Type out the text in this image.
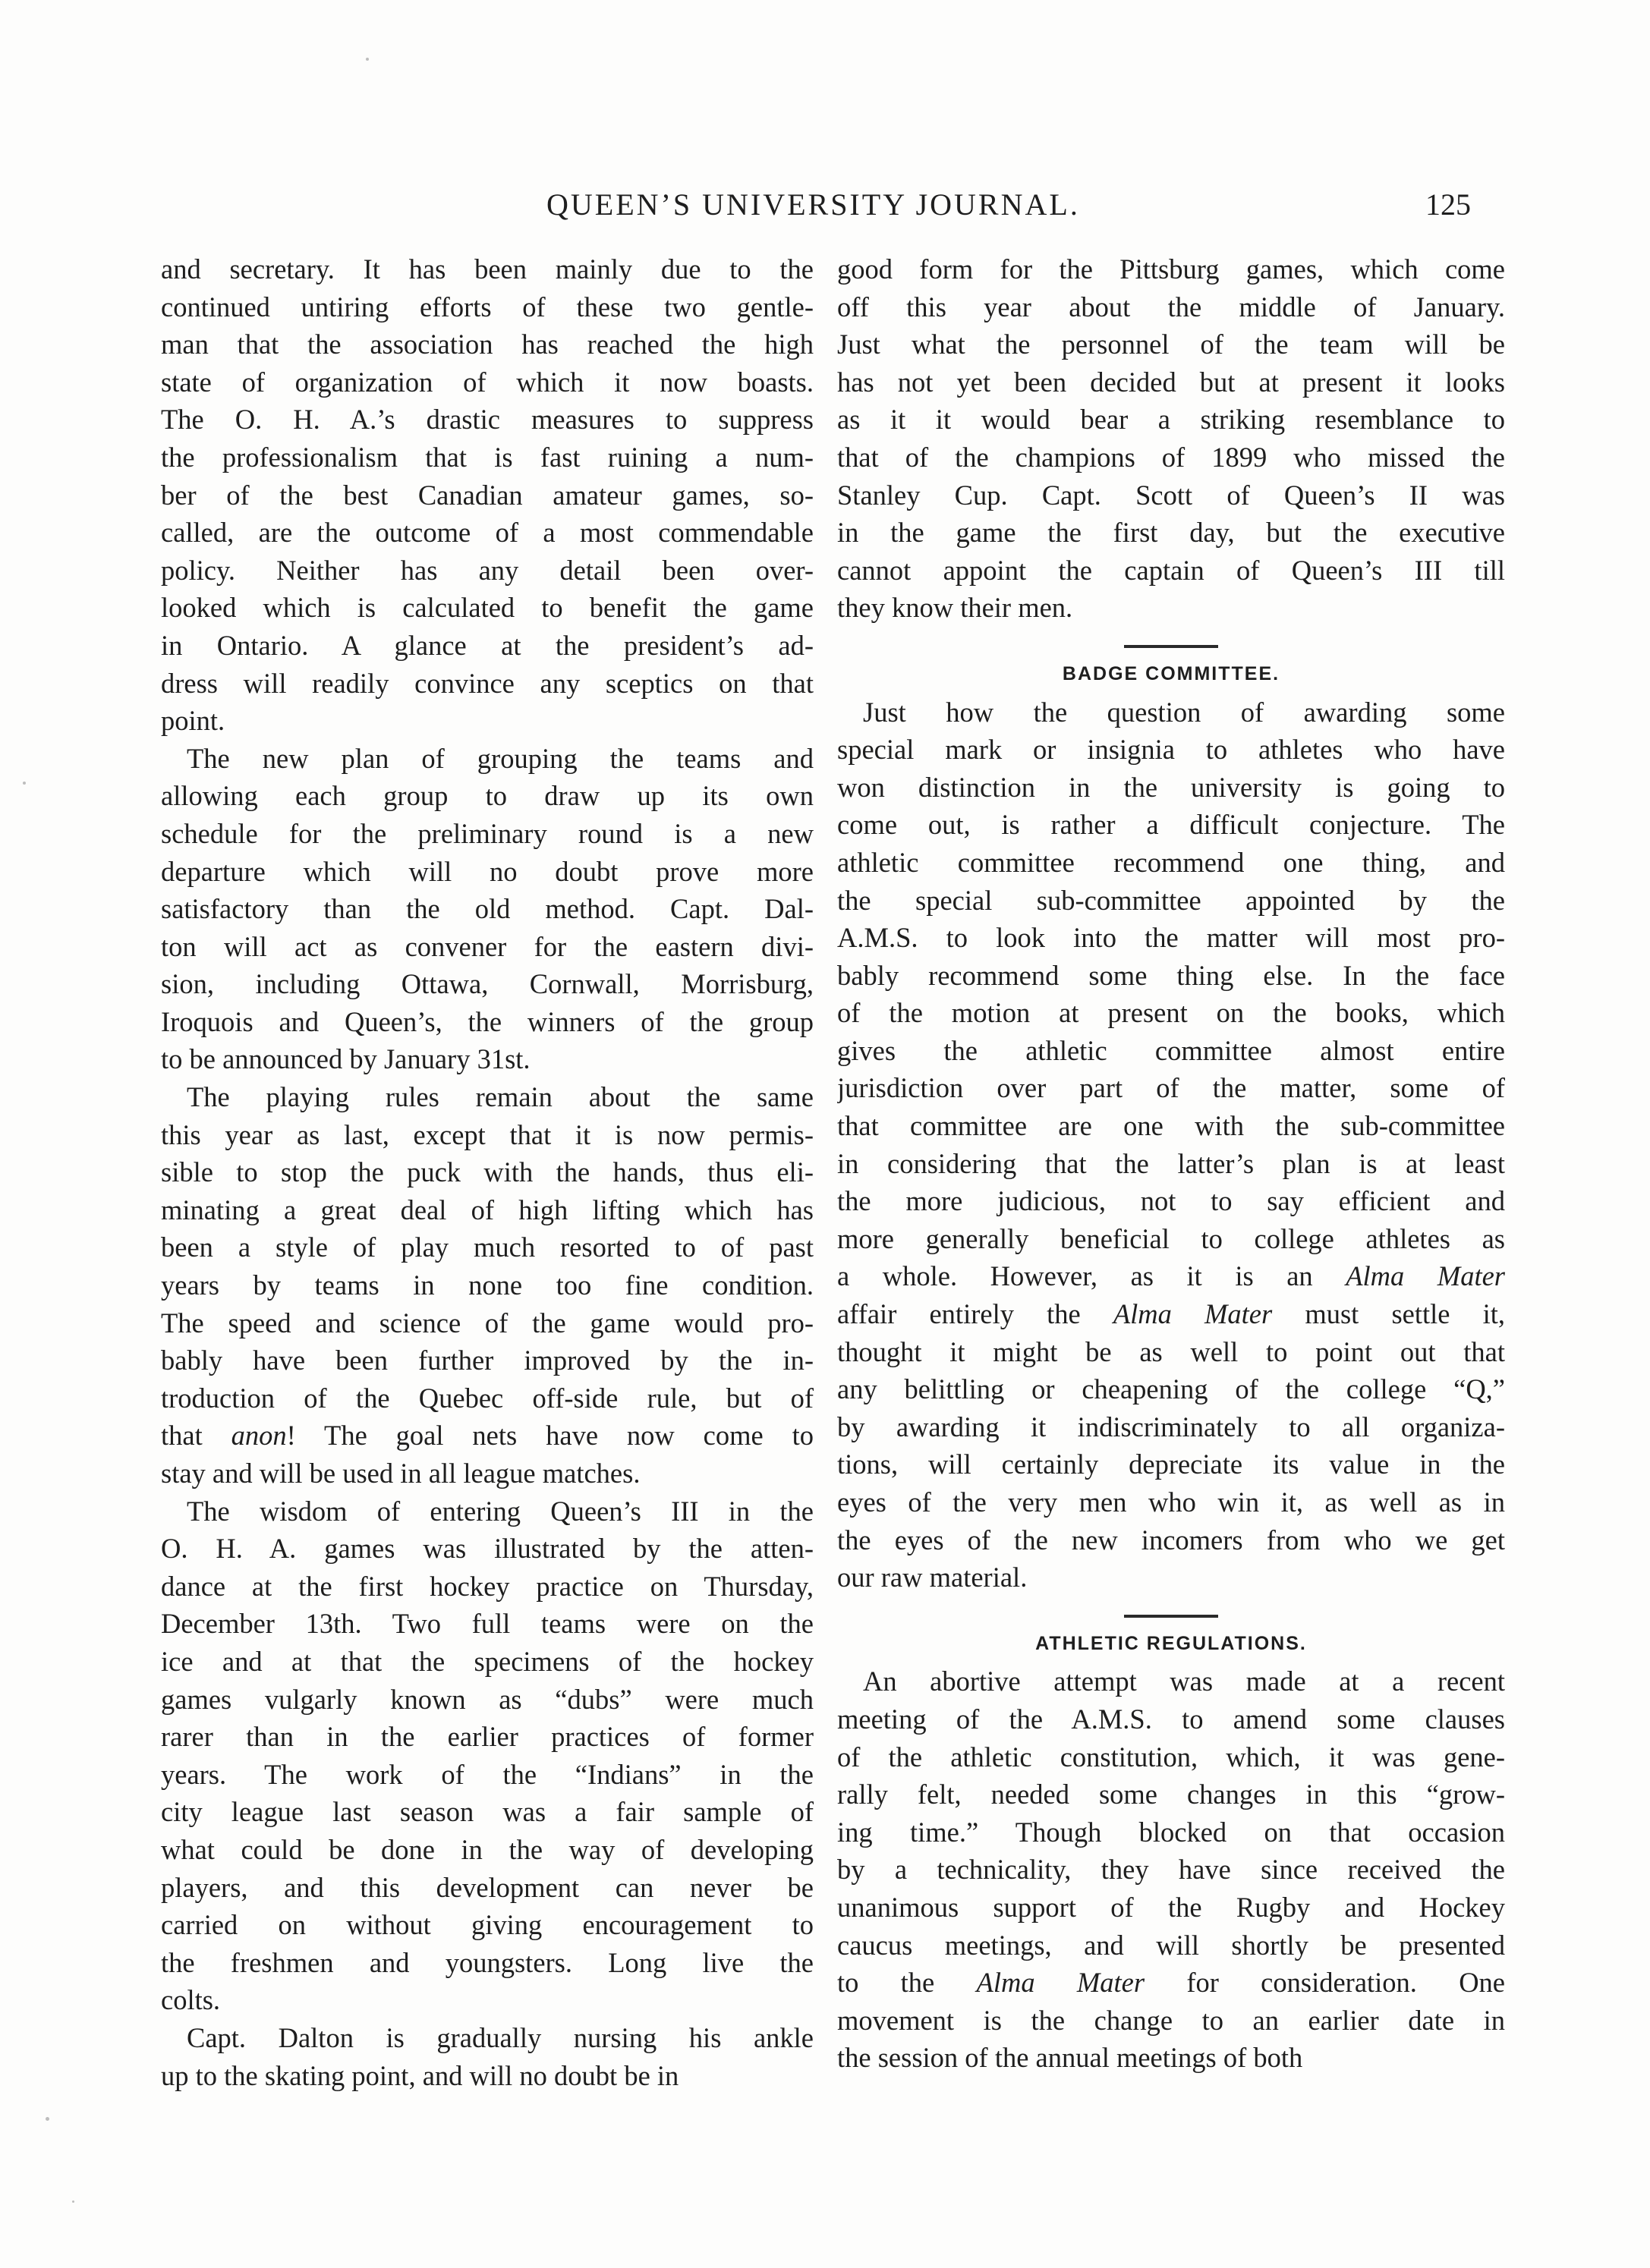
QUEEN’S UNIVERSITY JOURNAL.	125

and secretary. It has been mainly due to the
continued untiring efforts of these two gentle-
man that the association has reached the high
state of organization of which it now boasts.
The O. H. A.’s drastic measures to suppress
the professionalism that is fast ruining a num-
ber of the best Canadian amateur games, so-
called, are the outcome of a most commendable
policy. Neither has any detail been over-
looked which is calculated to benefit the game
in Ontario. A glance at the president’s ad-
dress will readily convince any sceptics on that
point.

The new plan of grouping the teams and
allowing each group to draw up its own
schedule for the preliminary round is a new
departure which will no doubt prove more
satisfactory than the old method. Capt. Dal-
ton will act as convener for the eastern divi-
sion, including Ottawa, Cornwall, Morrisburg,
Iroquois and Queen’s, the winners of the group
to be announced by January 31st.

The playing rules remain about the same
this year as last, except that it is now permis-
sible to stop the puck with the hands, thus eli-
minating a great deal of high lifting which has
been a style of play much resorted to of past
years by teams in none too fine condition.
The speed and science of the game would pro-
bably have been further improved by the in-
troduction of the Quebec off-side rule, but of
that anon! The goal nets have now come to
stay and will be used in all league matches.

The wisdom of entering Queen’s III in the
O. H. A. games was illustrated by the atten-
dance at the first hockey practice on Thursday,
December 13th. Two full teams were on the
ice and at that the specimens of the hockey
games vulgarly known as “dubs” were much
rarer than in the earlier practices of former
years. The work of the “Indians” in the
city league last season was a fair sample of
what could be done in the way of developing
players, and this development can never be
carried on without giving encouragement to
the freshmen and youngsters. Long live the
colts.

Capt. Dalton is gradually nursing his ankle
up to the skating point, and will no doubt be in

good form for the Pittsburg games, which come
off this year about the middle of January.
Just what the personnel of the team will be
has not yet been decided but at present it looks
as it it would bear a striking resemblance to
that of the champions of 1899 who missed the
Stanley Cup. Capt. Scott of Queen’s II was
in the game the first day, but the executive
cannot appoint the captain of Queen’s III till
they know their men.

BADGE COMMITTEE.

Just how the question of awarding some
special mark or insignia to athletes who have
won distinction in the university is going to
come out, is rather a difficult conjecture. The
athletic committee recommend one thing, and
the special sub-committee appointed by the
A.M.S. to look into the matter will most pro-
bably recommend some thing else. In the face
of the motion at present on the books, which
gives the athletic committee almost entire
jurisdiction over part of the matter, some of
that committee are one with the sub-committee
in considering that the latter’s plan is at least
the more judicious, not to say efficient and
more generally beneficial to college athletes as
a whole. However, as it is an Alma Mater
affair entirely the Alma Mater must settle it,
thought it might be as well to point out that
any belittling or cheapening of the college “Q,”
by awarding it indiscriminately to all organiza-
tions, will certainly depreciate its value in the
eyes of the very men who win it, as well as in
the eyes of the new incomers from who we get
our raw material.

ATHLETIC REGULATIONS.

An abortive attempt was made at a recent
meeting of the A.M.S. to amend some clauses
of the athletic constitution, which, it was gene-
rally felt, needed some changes in this “grow-
ing time.” Though blocked on that occasion
by a technicality, they have since received the
unanimous support of the Rugby and Hockey
caucus meetings, and will shortly be presented
to the Alma Mater for consideration. One
movement is the change to an earlier date in
the session of the annual meetings of both
